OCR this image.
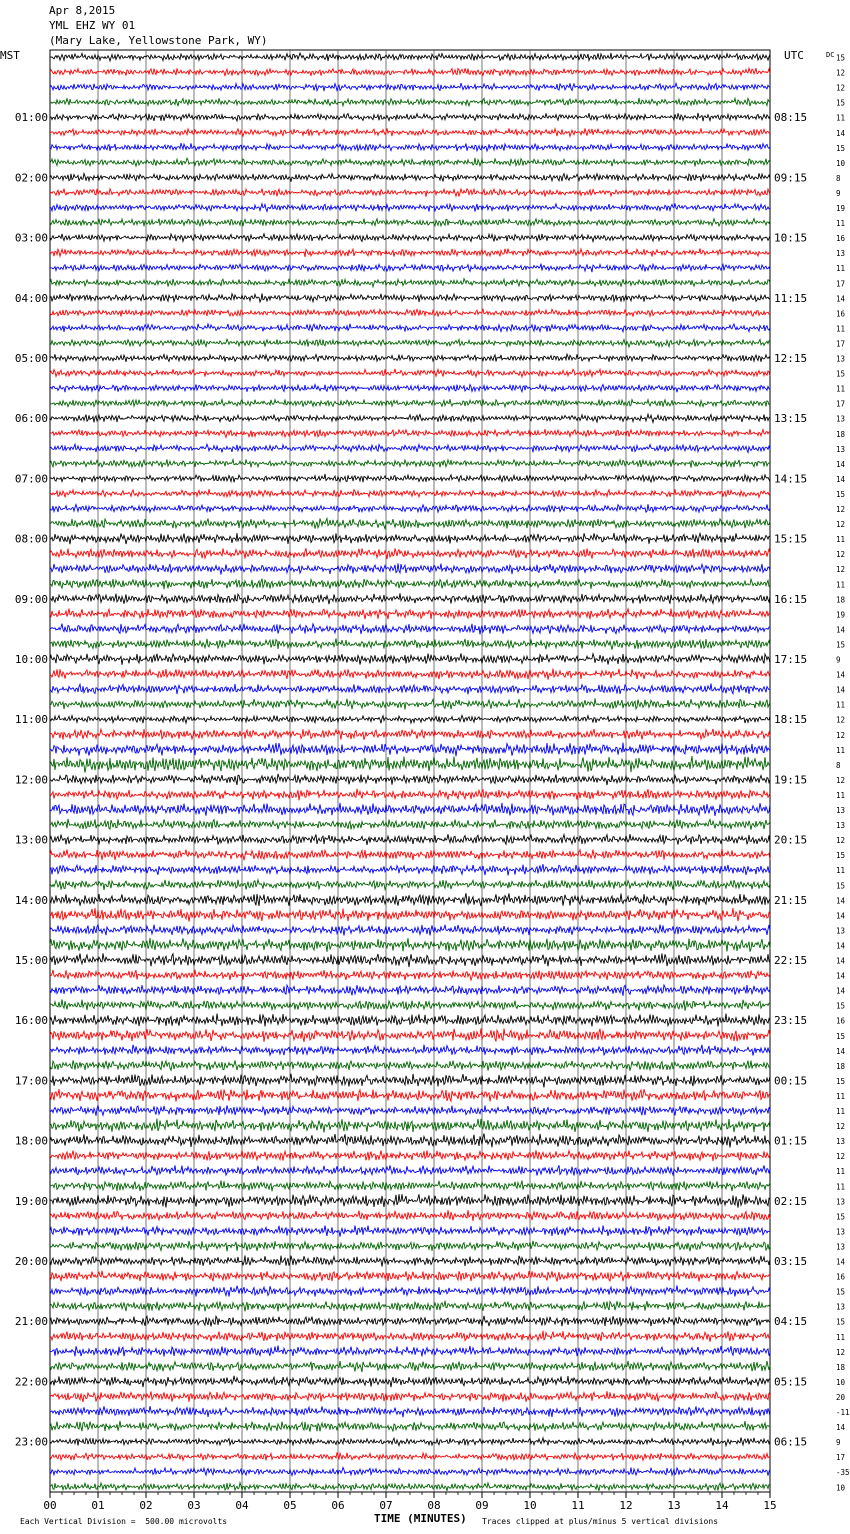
Apr 8,2015
YML EHZ WY 01
(Mary Lake, Yellowstone Park, WY)
MST	UTC	DC 15
12
12
15
11
14
15
10
8
9
19
11
16
13
11
17
14
16
11
17
13
15
11
17
13
18
13
14
14
15
12
12
11
12
12
11
18
19
14
15
9
14
14
11
12
12
11
8
12
11
13
13
12
15
11
15
14
14
13
14
14
14
14
15
16
15
14
18
15
11
11
12
13
12
11
11
13
15
13
13
14
16
15
13
15
11
12
18
10
20
-11
14
9
17
-35
10
01:00
02:00
03:00
04:00
05:00
06:00
07:00
08:00
09:00
10:00
11:00
12:00
13:00
14:00
15:00
16:00
17:00
18:00
19:00
20:00
21:00
22:00
23:00
08:15
09:15
10:15
11:15
12:15
13:15
14:15
15:15
16:15
17:15
18:15
19:15
20:15
21:15
22:15
23:15
00:15
01:15
02:15
03:15
04:15
05:15
06:15
00	01	02	03	04	05	06	07	08	09	10	11	12	13	14	15
TIME (MINUTES)
Each Vertical Division =  500.00 microvolts	Traces clipped at plus/minus 5 vertical divisions
